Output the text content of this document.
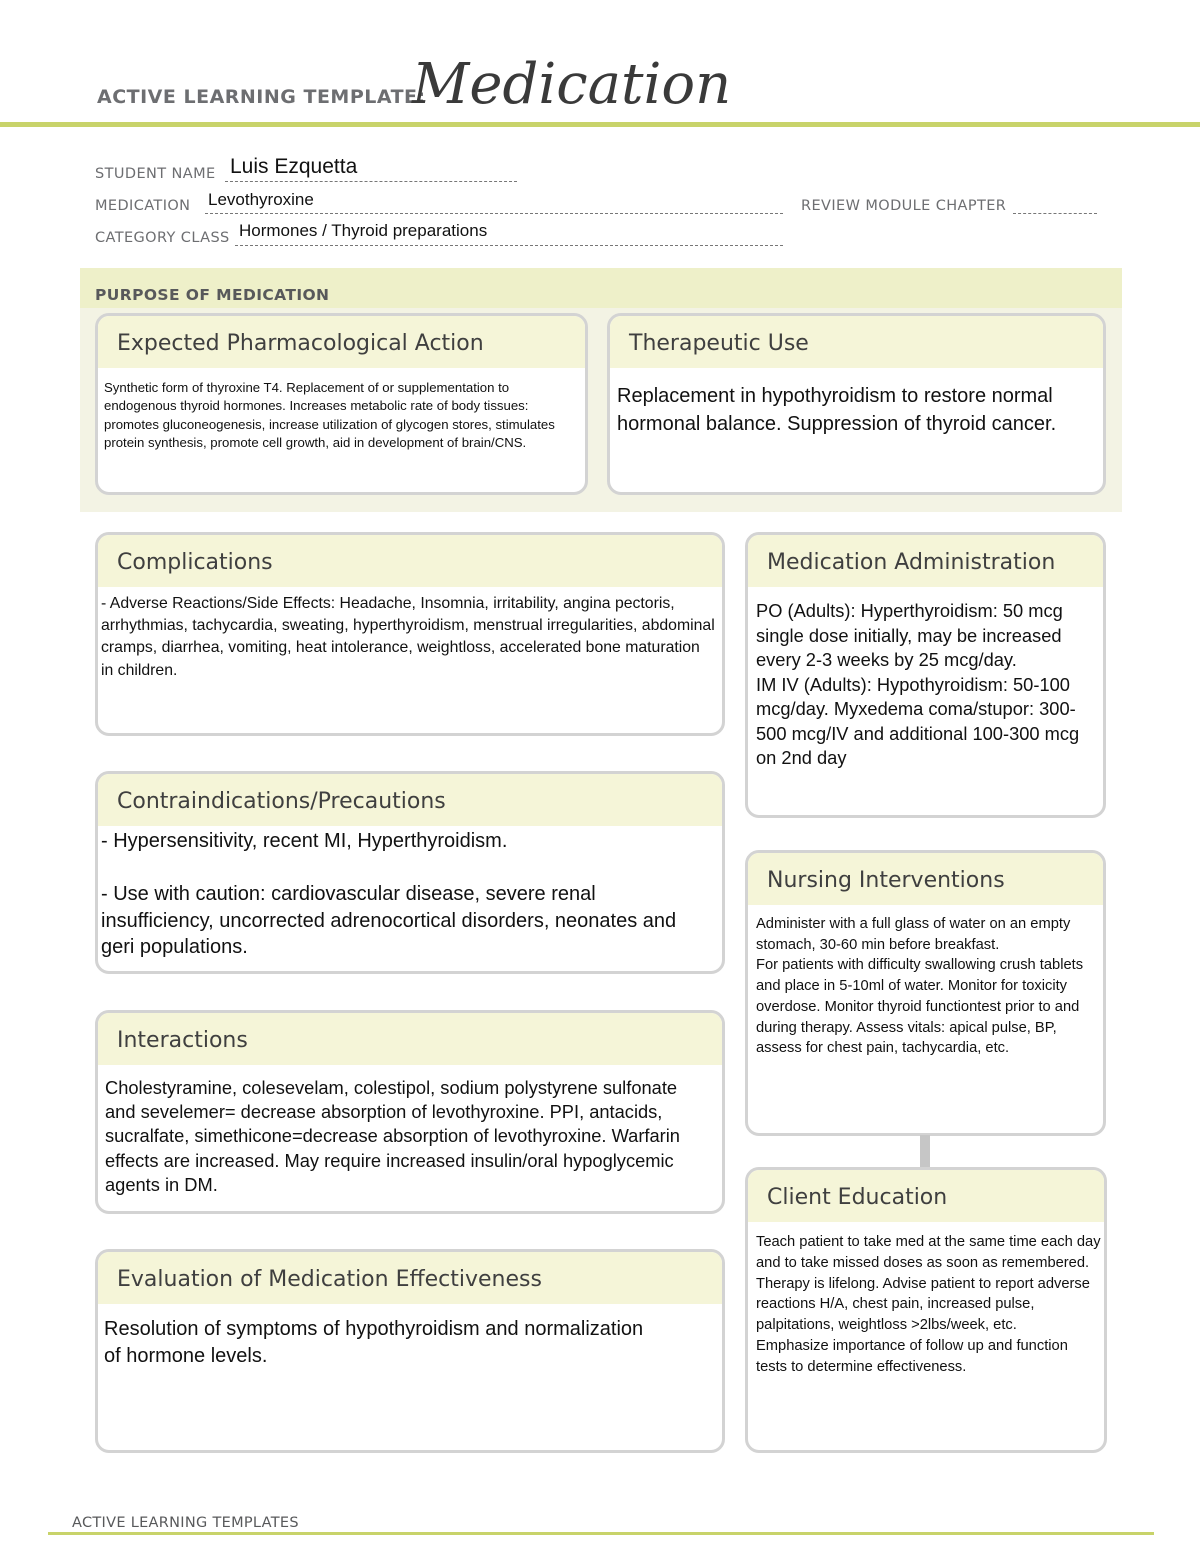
ACTIVE LEARNING TEMPLATE:
Medication
STUDENT NAME Luis Ezquetta
MEDICATION Levothyroxine	REVIEW MODULE CHAPTER
CATEGORY CLASS Hormones / Thyroid preparations
PURPOSE OF MEDICATION
Expected Pharmacological Action
Synthetic form of thyroxine T4. Replacement of or supplementation to endogenous thyroid hormones. Increases metabolic rate of body tissues: promotes gluconeogenesis, increase utilization of glycogen stores, stimulates protein synthesis, promote cell growth, aid in development of brain/CNS.
Therapeutic Use
Replacement in hypothyroidism to restore normal hormonal balance. Suppression of thyroid cancer.
Complications
- Adverse Reactions/Side Effects: Headache, Insomnia, irritability, angina pectoris, arrhythmias, tachycardia, sweating, hyperthyroidism, menstrual irregularities, abdominal cramps, diarrhea, vomiting, heat intolerance, weightloss, accelerated bone maturation in children.
Medication Administration
PO (Adults): Hyperthyroidism: 50 mcg single dose initially, may be increased every 2-3 weeks by 25 mcg/day.
IM IV (Adults): Hypothyroidism: 50-100 mcg/day. Myxedema coma/stupor: 300-500 mcg/IV and additional 100-300 mcg on 2nd day
Contraindications/Precautions
- Hypersensitivity, recent MI, Hyperthyroidism.

- Use with caution: cardiovascular disease, severe renal insufficiency, uncorrected adrenocortical disorders, neonates and geri populations.
Nursing Interventions
Administer with a full glass of water on an empty stomach, 30-60 min before breakfast.
For patients with difficulty swallowing crush tablets and place in 5-10ml of water. Monitor for toxicity overdose. Monitor thyroid functiontest prior to and during therapy. Assess vitals: apical pulse, BP, assess for chest pain, tachycardia, etc.
Interactions
Cholestyramine, colesevelam, colestipol, sodium polystyrene sulfonate and sevelemer= decrease absorption of levothyroxine. PPI, antacids, sucralfate, simethicone=decrease absorption of levothyroxine. Warfarin effects are increased. May require increased insulin/oral hypoglycemic agents in DM.
Client Education
Teach patient to take med at the same time each day and to take missed doses as soon as remembered. Therapy is lifelong. Advise patient to report adverse reactions H/A, chest pain, increased pulse, palpitations, weightloss >2lbs/week, etc.
Emphasize importance of follow up and function tests to determine effectiveness.
Evaluation of Medication Effectiveness
Resolution of symptoms of hypothyroidism and normalization of hormone levels.
ACTIVE LEARNING TEMPLATES
